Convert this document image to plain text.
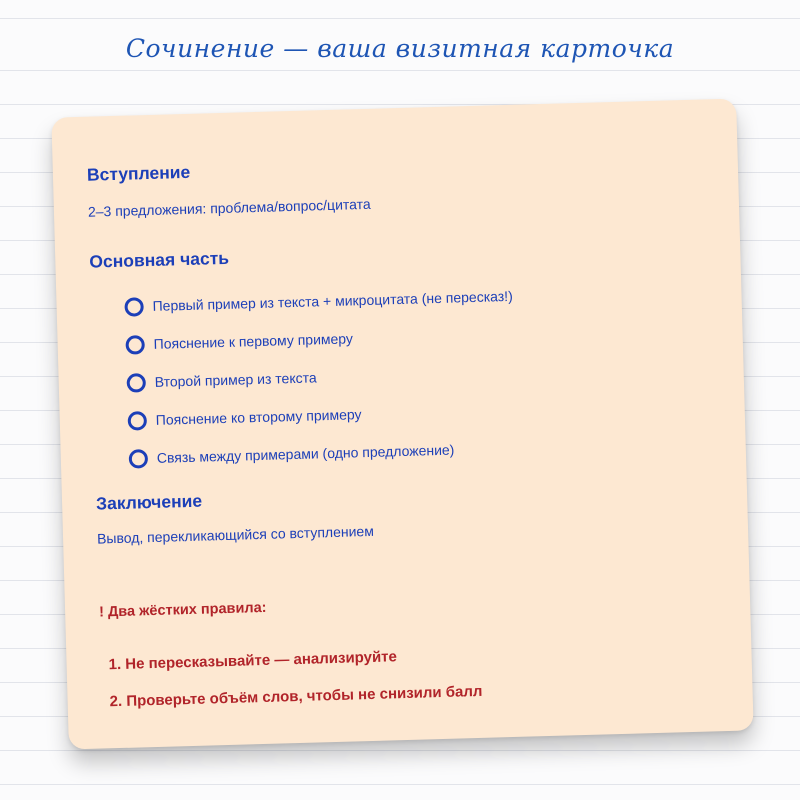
Сочинение — ваша визитная карточка
Вступление
2–3 предложения: проблема/вопрос/цитата
Основная часть
Первый пример из текста + микроцитата (не пересказ!)
Пояснение к первому примеру
Второй пример из текста
Пояснение ко второму примеру
Связь между примерами (одно предложение)
Заключение
Вывод, перекликающийся со вступлением
! Два жёстких правила:
1. Не пересказывайте — анализируйте
2. Проверьте объём слов, чтобы не снизили балл
